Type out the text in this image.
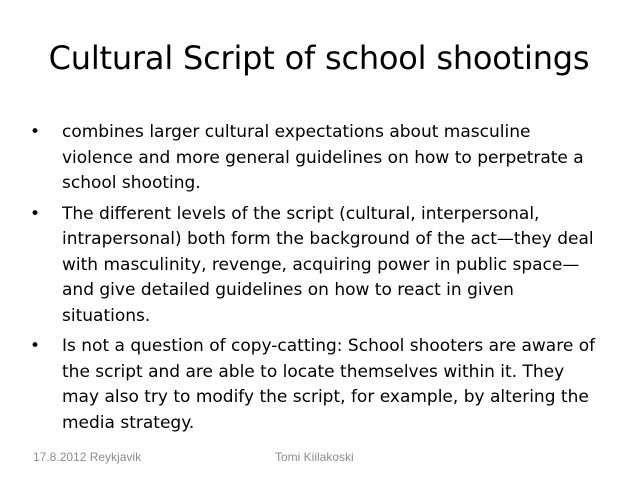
Cultural Script of school shootings
•	combines larger cultural expectations about masculine violence and more general guidelines on how to perpetrate a school shooting.
•	The different levels of the script (cultural, interpersonal, intrapersonal) both form the background of the act—they deal with masculinity, revenge, acquiring power in public space—and give detailed guidelines on how to react in given situations.
•	Is not a question of copy-catting: School shooters are aware of the script and are able to locate themselves within it. They may also try to modify the script, for example, by altering the media strategy.
17.8.2012 Reykjavik	Tomi Kiilakoski
